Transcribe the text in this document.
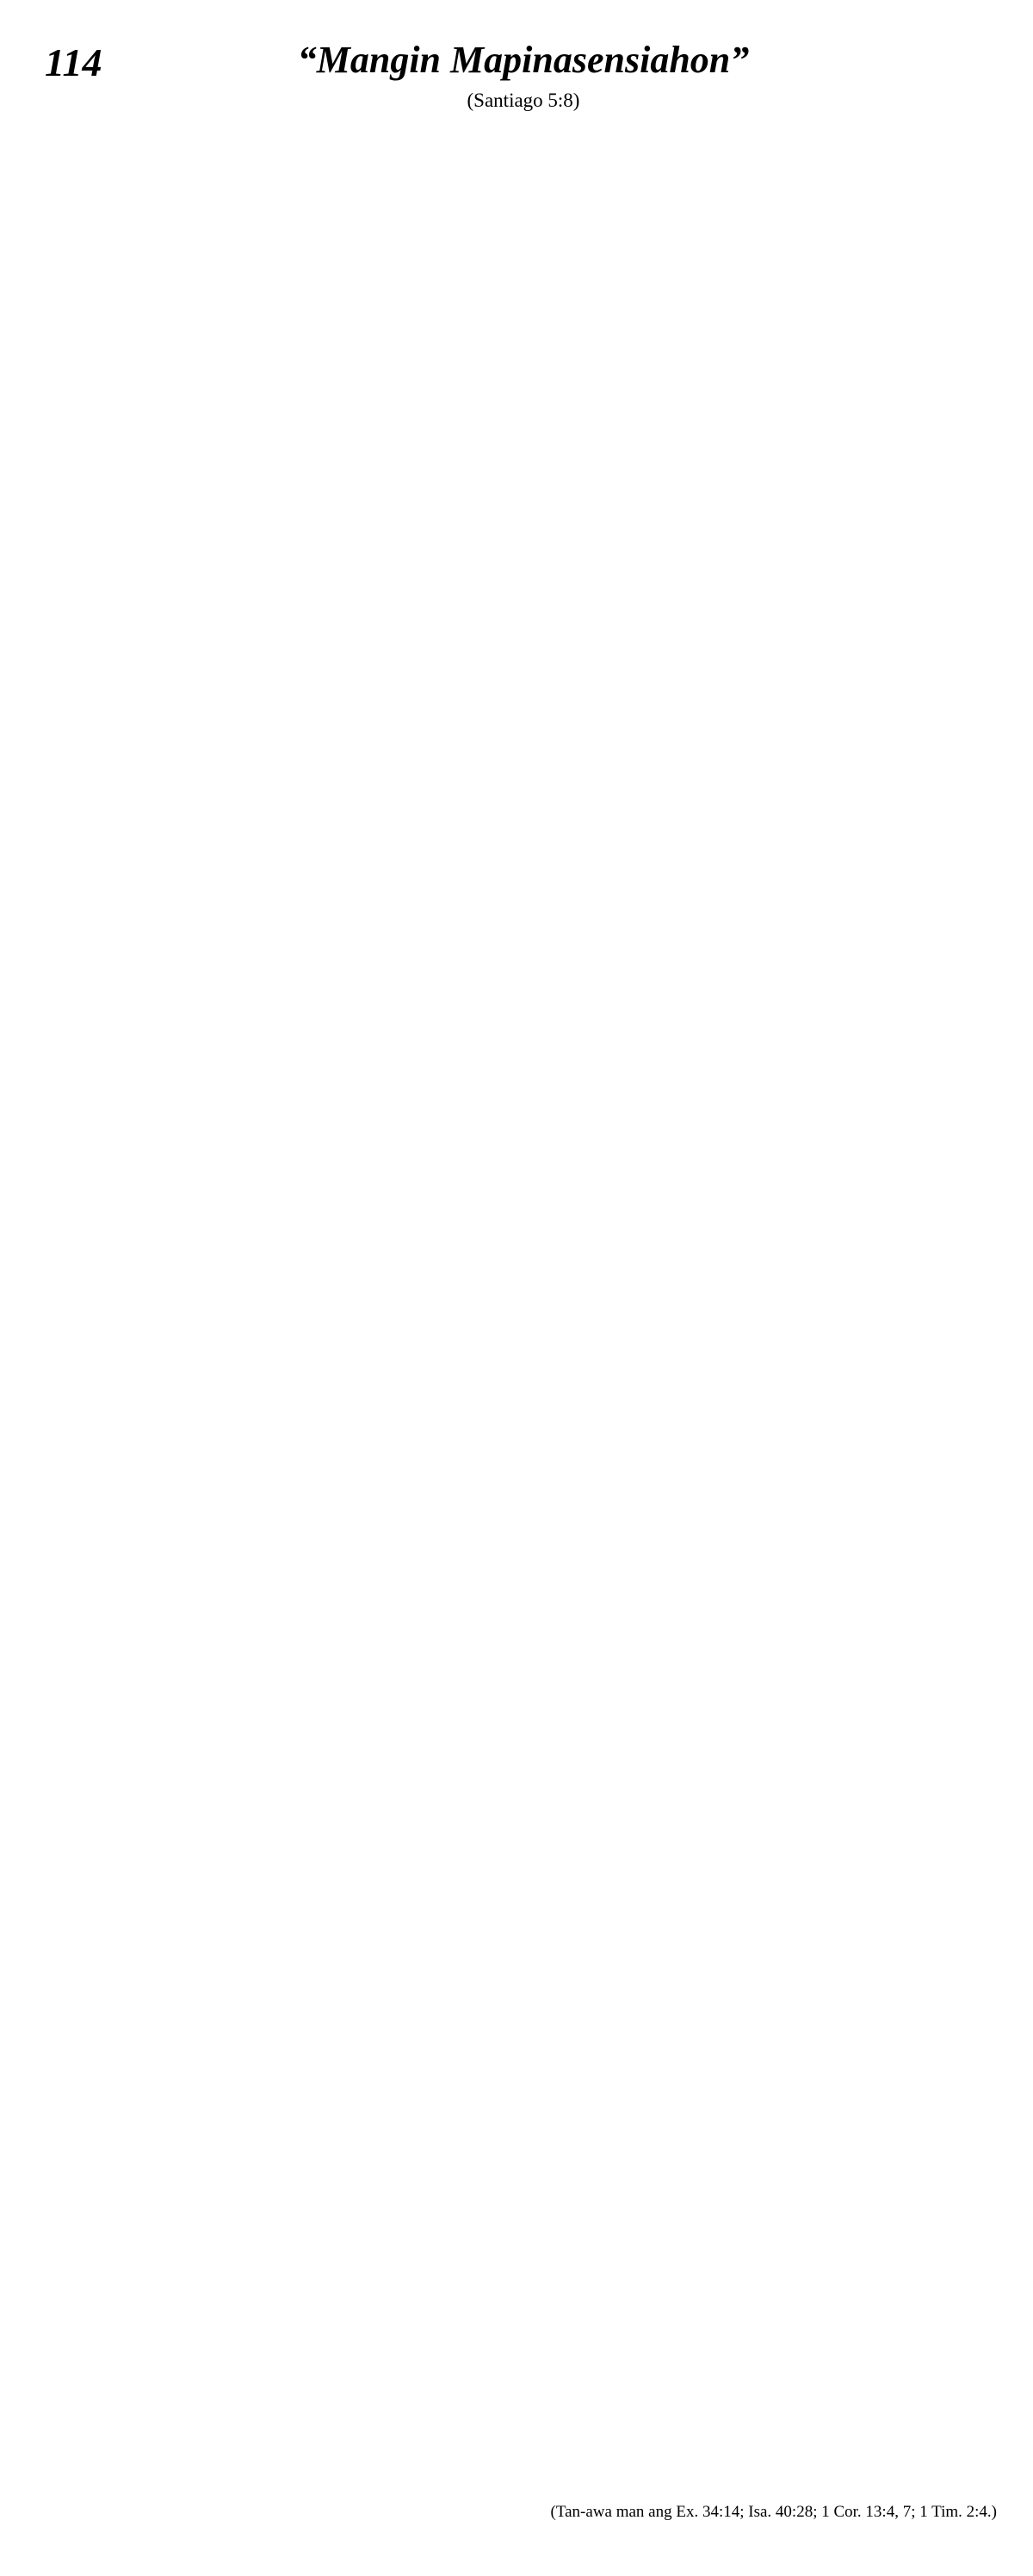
114	“Mangin Mapinasensiahon”
(Santiago 5:8)
(Tan-awa man ang Ex. 34:14; Isa. 40:28; 1 Cor. 13:4, 7; 1 Tim. 2:4.)
